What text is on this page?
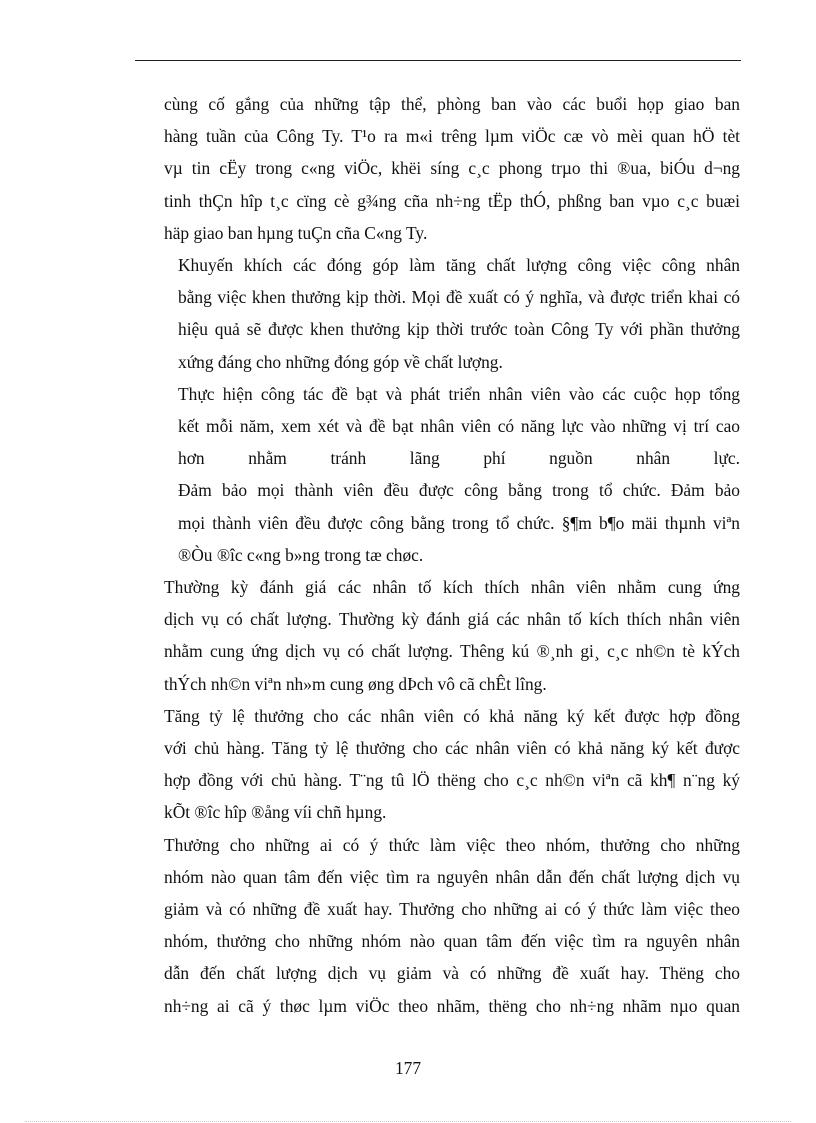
cùng cố gắng của những tập thể, phòng ban vào các buổi họp giao ban
hàng tuần của Công Ty. T¹o ra m«i trêng lµm viÖc cæ vò mèi quan hÖ tèt
vµ tin cËy trong c«ng viÖc, khëi síng c¸c phong trµo thi ®ua, biÓu d¬ng
tinh thÇn hîp t¸c cïng cè g¾ng cña nh÷ng tËp thÓ, phßng ban vµo c¸c buæi
häp giao ban hµng tuÇn cña C«ng Ty.

Khuyến khích các đóng góp làm tăng chất lượng công việc công nhân
bằng việc khen thưởng kịp thời. Mọi đề xuất có ý nghĩa, và được triển khai có
hiệu quả sẽ được khen thưởng kịp thời trước toàn Công Ty với phần thưởng
xứng đáng cho những đóng góp về chất lượng.

Thực hiện công tác đề bạt và phát triển nhân viên vào các cuộc họp tổng
kết mỗi năm, xem xét và đề bạt nhân viên có năng lực vào những vị trí cao
hơn nhằm tránh lãng phí nguồn nhân lực.

Đảm bảo mọi thành viên đều được công bằng trong tổ chức. Đảm bảo
mọi thành viên đều được công bằng trong tổ chức. §¶m b¶o mäi thµnh viªn
®Òu ®îc c«ng b»ng trong tæ chøc.

Thường kỳ đánh giá các nhân tố kích thích nhân viên nhằm cung ứng
dịch vụ có chất lượng. Thường kỳ đánh giá các nhân tố kích thích nhân viên
nhằm cung ứng dịch vụ có chất lượng. Thêng kú ®¸nh gi¸ c¸c nh©n tè kÝch
thÝch nh©n viªn nh»m cung øng dÞch vô cã chÊt lîng.

Tăng tỷ lệ thưởng cho các nhân viên có khả năng ký kết được hợp đồng
với chủ hàng. Tăng tỷ lệ thưởng cho các nhân viên có khả năng ký kết được
hợp đồng với chủ hàng. T¨ng tû lÖ thëng cho c¸c nh©n viªn cã kh¶ n¨ng ký
kÕt ®îc hîp ®ång víi chñ hµng.

Thưởng cho những ai có ý thức làm việc theo nhóm, thưởng cho những
nhóm nào quan tâm đến việc tìm ra nguyên nhân dẫn đến chất lượng dịch vụ
giảm và có những đề xuất hay. Thưởng cho những ai có ý thức làm việc theo
nhóm, thưởng cho những nhóm nào quan tâm đến việc tìm ra nguyên nhân
dẫn đến chất lượng dịch vụ giảm và có những đề xuất hay. Thëng cho
nh÷ng ai cã ý thøc lµm viÖc theo nhãm, thëng cho nh÷ng nhãm nµo quan

177
